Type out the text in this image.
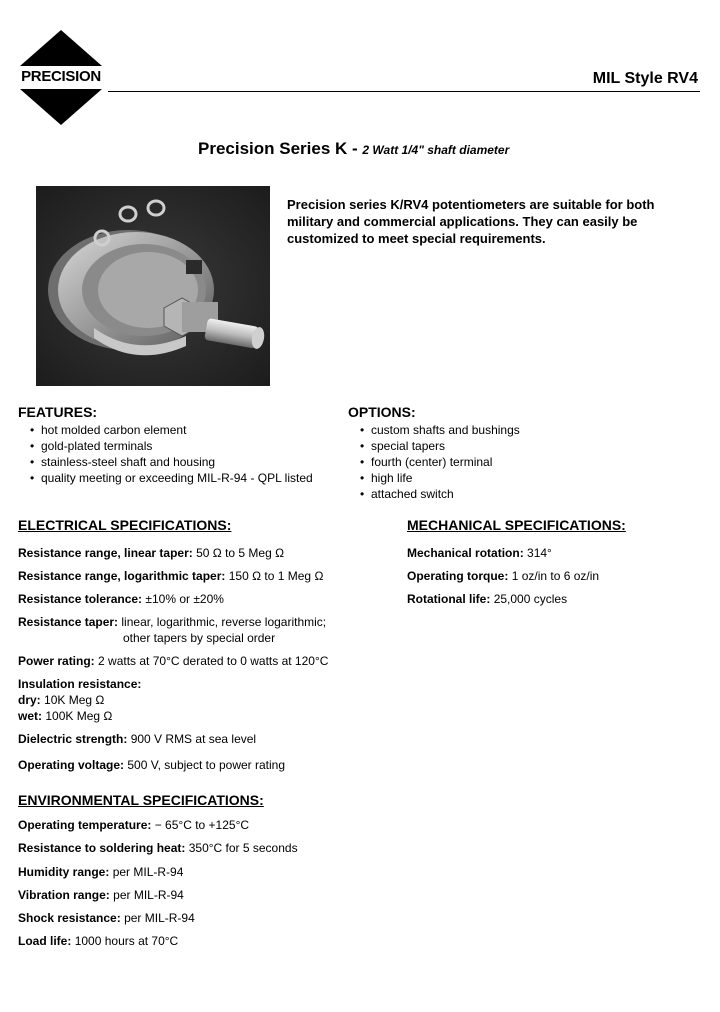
PRECISION	MIL Style RV4
Precision Series K - 2 Watt 1/4" shaft diameter
Precision series K/RV4 potentiometers are suitable for both military and commercial applications. They can easily be customized to meet special requirements.
FEATURES:
• hot molded carbon element
• gold-plated terminals
• stainless-steel shaft and housing
• quality meeting or exceeding MIL-R-94 - QPL listed
OPTIONS:
• custom shafts and bushings
• special tapers
• fourth (center) terminal
• high life
• attached switch
ELECTRICAL SPECIFICATIONS:
Resistance range, linear taper: 50 Ω to 5 Meg Ω
Resistance range, logarithmic taper: 150 Ω to 1 Meg Ω
Resistance tolerance: ±10% or ±20%
Resistance taper: linear, logarithmic, reverse logarithmic;
other tapers by special order
Power rating: 2 watts at 70°C derated to 0 watts at 120°C
Insulation resistance:
dry: 10K Meg Ω
wet: 100K Meg Ω
Dielectric strength: 900 V RMS at sea level
Operating voltage: 500 V, subject to power rating
MECHANICAL SPECIFICATIONS:
Mechanical rotation: 314°
Operating torque: 1 oz/in to 6 oz/in
Rotational life: 25,000 cycles
ENVIRONMENTAL SPECIFICATIONS:
Operating temperature: − 65°C to +125°C
Resistance to soldering heat: 350°C for 5 seconds
Humidity range: per MIL-R-94
Vibration range: per MIL-R-94
Shock resistance: per MIL-R-94
Load life: 1000 hours at 70°C
